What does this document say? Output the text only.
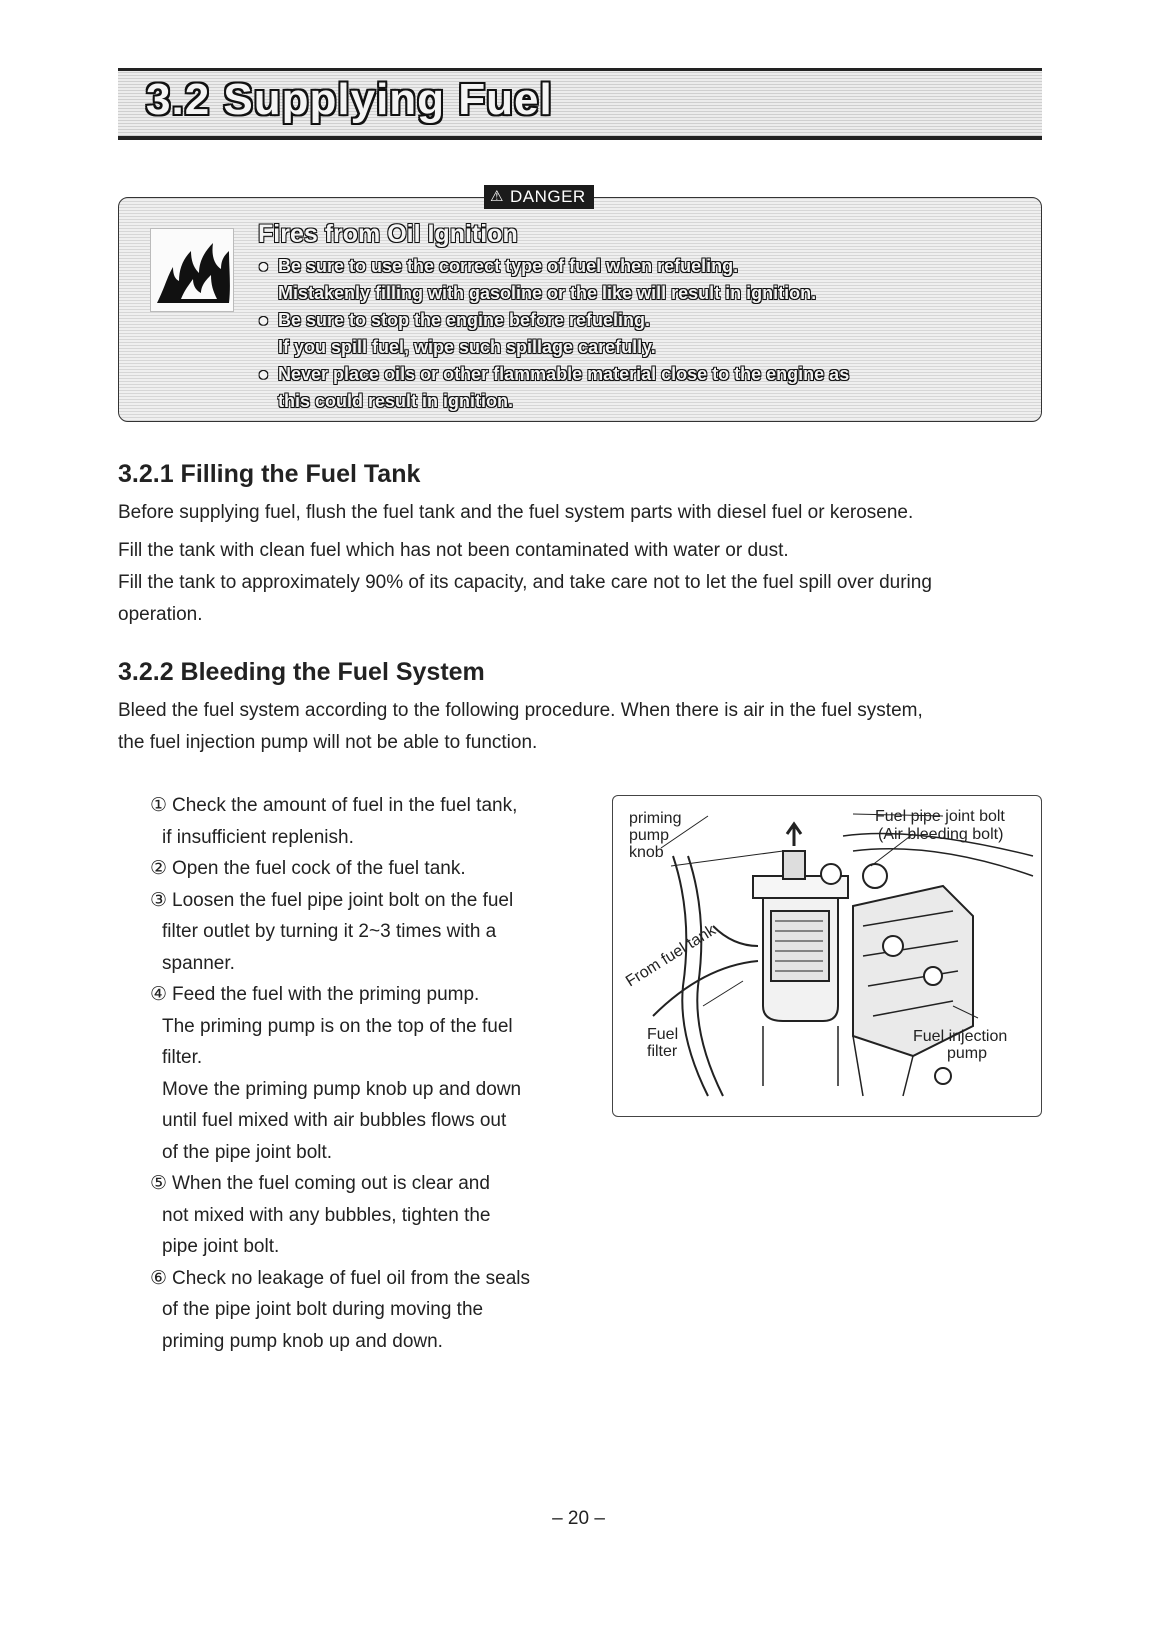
3.2 Supplying Fuel
⚠ DANGER

Fires from Oil Ignition

● Be sure to use the correct type of fuel when refueling.

Mistakenly filling with gasoline or the like will result in ignition.

● Be sure to stop the engine before refueling.

If you spill fuel, wipe such spillage carefully.

● Never place oils or other flammable material close to the engine as

this could result in ignition.

3.2.1 Filling the Fuel Tank

Before supplying fuel, flush the fuel tank and the fuel system parts with diesel fuel or kerosene.

Fill the tank with clean fuel which has not been contaminated with water or dust.

Fill the tank to approximately 90% of its capacity, and take care not to let the fuel spill over during

operation.

3.2.2 Bleeding the Fuel System

Bleed the fuel system according to the following procedure. When there is air in the fuel system,

the fuel injection pump will not be able to function.

① Check the amount of fuel in the fuel tank,

if insufficient replenish.

② Open the fuel cock of the fuel tank.

③ Loosen the fuel pipe joint bolt on the fuel

filter outlet by turning it 2~3 times with a

spanner.

④ Feed the fuel with the priming pump.

The priming pump is on the top of the fuel

filter.

Move the priming pump knob up and down

until fuel mixed with air bubbles flows out

of the pipe joint bolt.

⑤ When the fuel coming out is clear and

not mixed with any bubbles, tighten the

pipe joint bolt.

⑥ Check no leakage of fuel oil from the seals

of the pipe joint bolt during moving the

priming pump knob up and down.

priming
pump
knob
Fuel pipe joint bolt
(Air bleeding bolt)
From fuel tank
Fuel
filter
Fuel injection
pump
– 20 –
